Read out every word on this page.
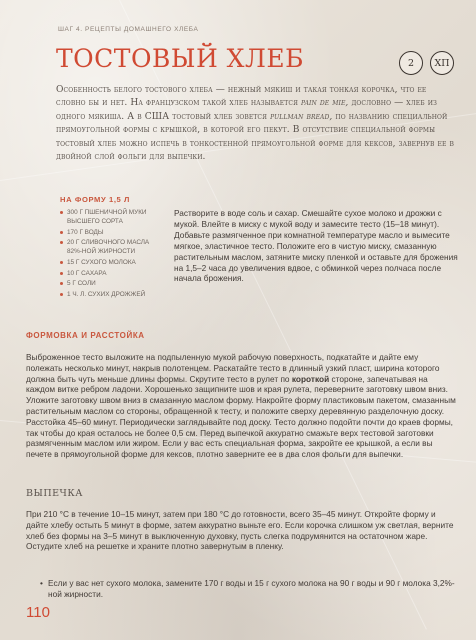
ШАГ 4. РЕЦЕПТЫ ДОМАШНЕГО ХЛЕБА
ТОСТОВЫЙ ХЛЕБ	2	XП

Особенность белого тостового хлеба — нежный мякиш и такая тонкая корочка, что ее словно бы и нет. На французском такой хлеб называется pain de mie, дословно — хлеб из одного мякиша. А в США тостовый хлеб зовется pullman bread, по названию специальной прямоугольной формы с крышкой, в которой его пекут. В отсутствие специальной формы тостовый хлеб можно испечь в тонкостенной прямоугольной форме для кексов, завернув ее в двойной слой фольги для выпечки.

НА ФОРМУ 1,5 Л
300 Г ПШЕНИЧНОЙ МУКИ ВЫСШЕГО СОРТА
170 Г ВОДЫ
20 Г СЛИВОЧНОГО МАСЛА 82%-НОЙ ЖИРНОСТИ
15 Г СУХОГО МОЛОКА
10 Г САХАРА
5 Г СОЛИ
1 Ч. Л. СУХИХ ДРОЖЖЕЙ

Растворите в воде соль и сахар. Смешайте сухое молоко и дрожжи с мукой. Влейте в миску с мукой воду и замесите тесто (15–18 минут). Добавьте размягченное при комнатной температуре масло и вымесите мягкое, эластичное тесто. Положите его в чистую миску, смазанную растительным маслом, затяните миску пленкой и оставьте для брожения на 1,5–2 часа до увеличения вдвое, с обминкой через полчаса после начала брожения.

ФОРМОВКА И РАССТОЙКА

Выброженное тесто выложите на подпыленную мукой рабочую поверхность, подкатайте и дайте ему полежать несколько минут, накрыв полотенцем. Раскатайте тесто в длинный узкий пласт, ширина которого должна быть чуть меньше длины формы. Скрутите тесто в рулет по короткой стороне, запечатывая на каждом витке ребром ладони. Хорошенько защипните шов и края рулета, переверните заготовку швом вниз. Уложите заготовку швом вниз в смазанную маслом форму. Накройте форму пластиковым пакетом, смазанным растительным маслом со стороны, обращенной к тесту, и положите сверху деревянную разделочную доску. Расстойка 45–60 минут. Периодически заглядывайте под доску. Тесто должно подойти почти до краев формы, так чтобы до края осталось не более 0,5 см. Перед выпечкой аккуратно смажьте верх тестовой заготовки размягченным маслом или жиром. Если у вас есть специальная форма, закройте ее крышкой, а если вы печете в прямоугольной форме для кексов, плотно заверните ее в два слоя фольги для выпечки.

ВЫПЕЧКА

При 210 °С в течение 10–15 минут, затем при 180 °С до готовности, всего 35–45 минут. Откройте форму и дайте хлебу остыть 5 минут в форме, затем аккуратно выньте его. Если корочка слишком уж светлая, верните хлеб без формы на 3–5 минут в выключенную духовку, пусть слегка подрумянится на остаточном жаре. Остудите хлеб на решетке и храните плотно завернутым в пленку.

• Если у вас нет сухого молока, замените 170 г воды и 15 г сухого молока на 90 г воды и 90 г молока 3,2%-ной жирности.

110
